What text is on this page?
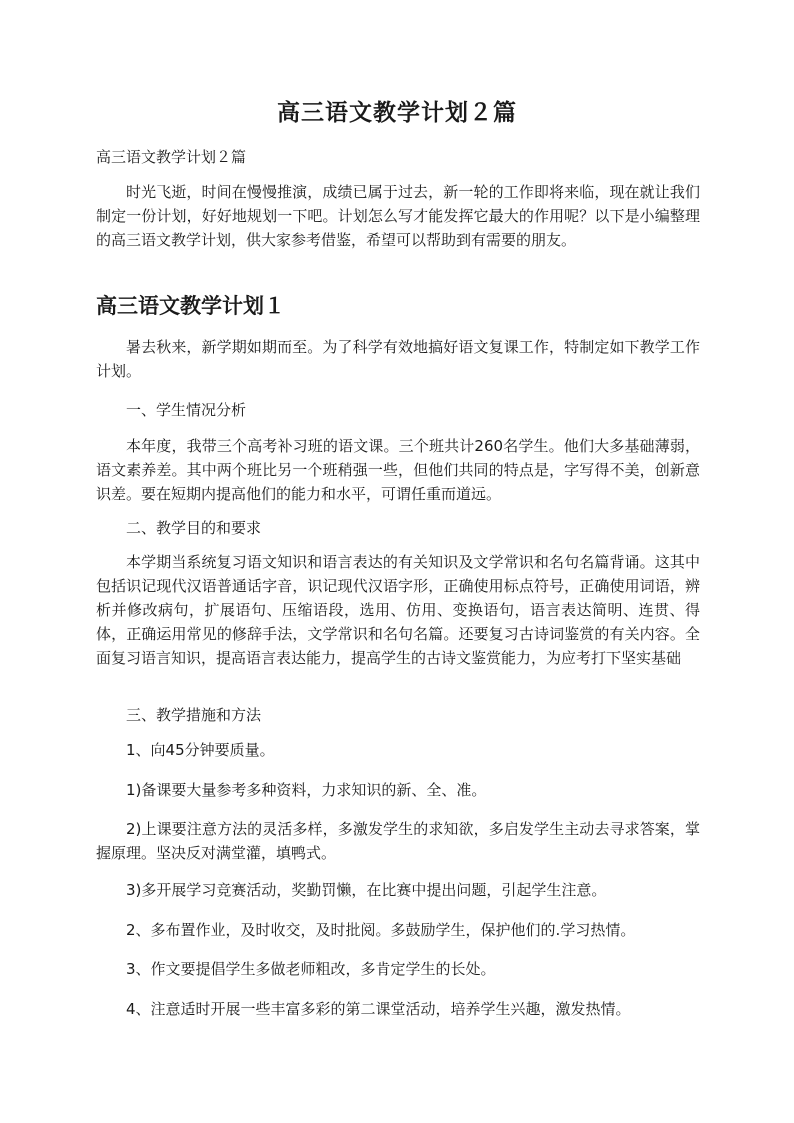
高三语文教学计划２篇
高三语文教学计划２篇
时光飞逝，时间在慢慢推演，成绩已属于过去，新一轮的工作即将来临，现在就让我们制定一份计划，好好地规划一下吧。计划怎么写才能发挥它最大的作用呢？以下是小编整理的高三语文教学计划，供大家参考借鉴，希望可以帮助到有需要的朋友。
高三语文教学计划１
暑去秋来，新学期如期而至。为了科学有效地搞好语文复课工作，特制定如下教学工作计划。
一、学生情况分析
本年度，我带三个高考补习班的语文课。三个班共计260名学生。他们大多基础薄弱，语文素养差。其中两个班比另一个班稍强一些，但他们共同的特点是，字写得不美，创新意识差。要在短期内提高他们的能力和水平，可谓任重而道远。
二、教学目的和要求
本学期当系统复习语文知识和语言表达的有关知识及文学常识和名句名篇背诵。这其中包括识记现代汉语普通话字音，识记现代汉语字形，正确使用标点符号，正确使用词语，辨析并修改病句，扩展语句、压缩语段，选用、仿用、变换语句，语言表达简明、连贯、得体，正确运用常见的修辞手法，文学常识和名句名篇。还要复习古诗词鉴赏的有关内容。全面复习语言知识，提高语言表达能力，提高学生的古诗文鉴赏能力，为应考打下坚实基础
三、教学措施和方法
1、向45分钟要质量。
1)备课要大量参考多种资料，力求知识的新、全、准。
2)上课要注意方法的灵活多样，多激发学生的求知欲，多启发学生主动去寻求答案，掌握原理。坚决反对满堂灌，填鸭式。
3)多开展学习竞赛活动，奖勤罚懒，在比赛中提出问题，引起学生注意。
2、多布置作业，及时收交，及时批阅。多鼓励学生，保护他们的.学习热情。
3、作文要提倡学生多做老师粗改，多肯定学生的长处。
4、注意适时开展一些丰富多彩的第二课堂活动，培养学生兴趣，激发热情。
